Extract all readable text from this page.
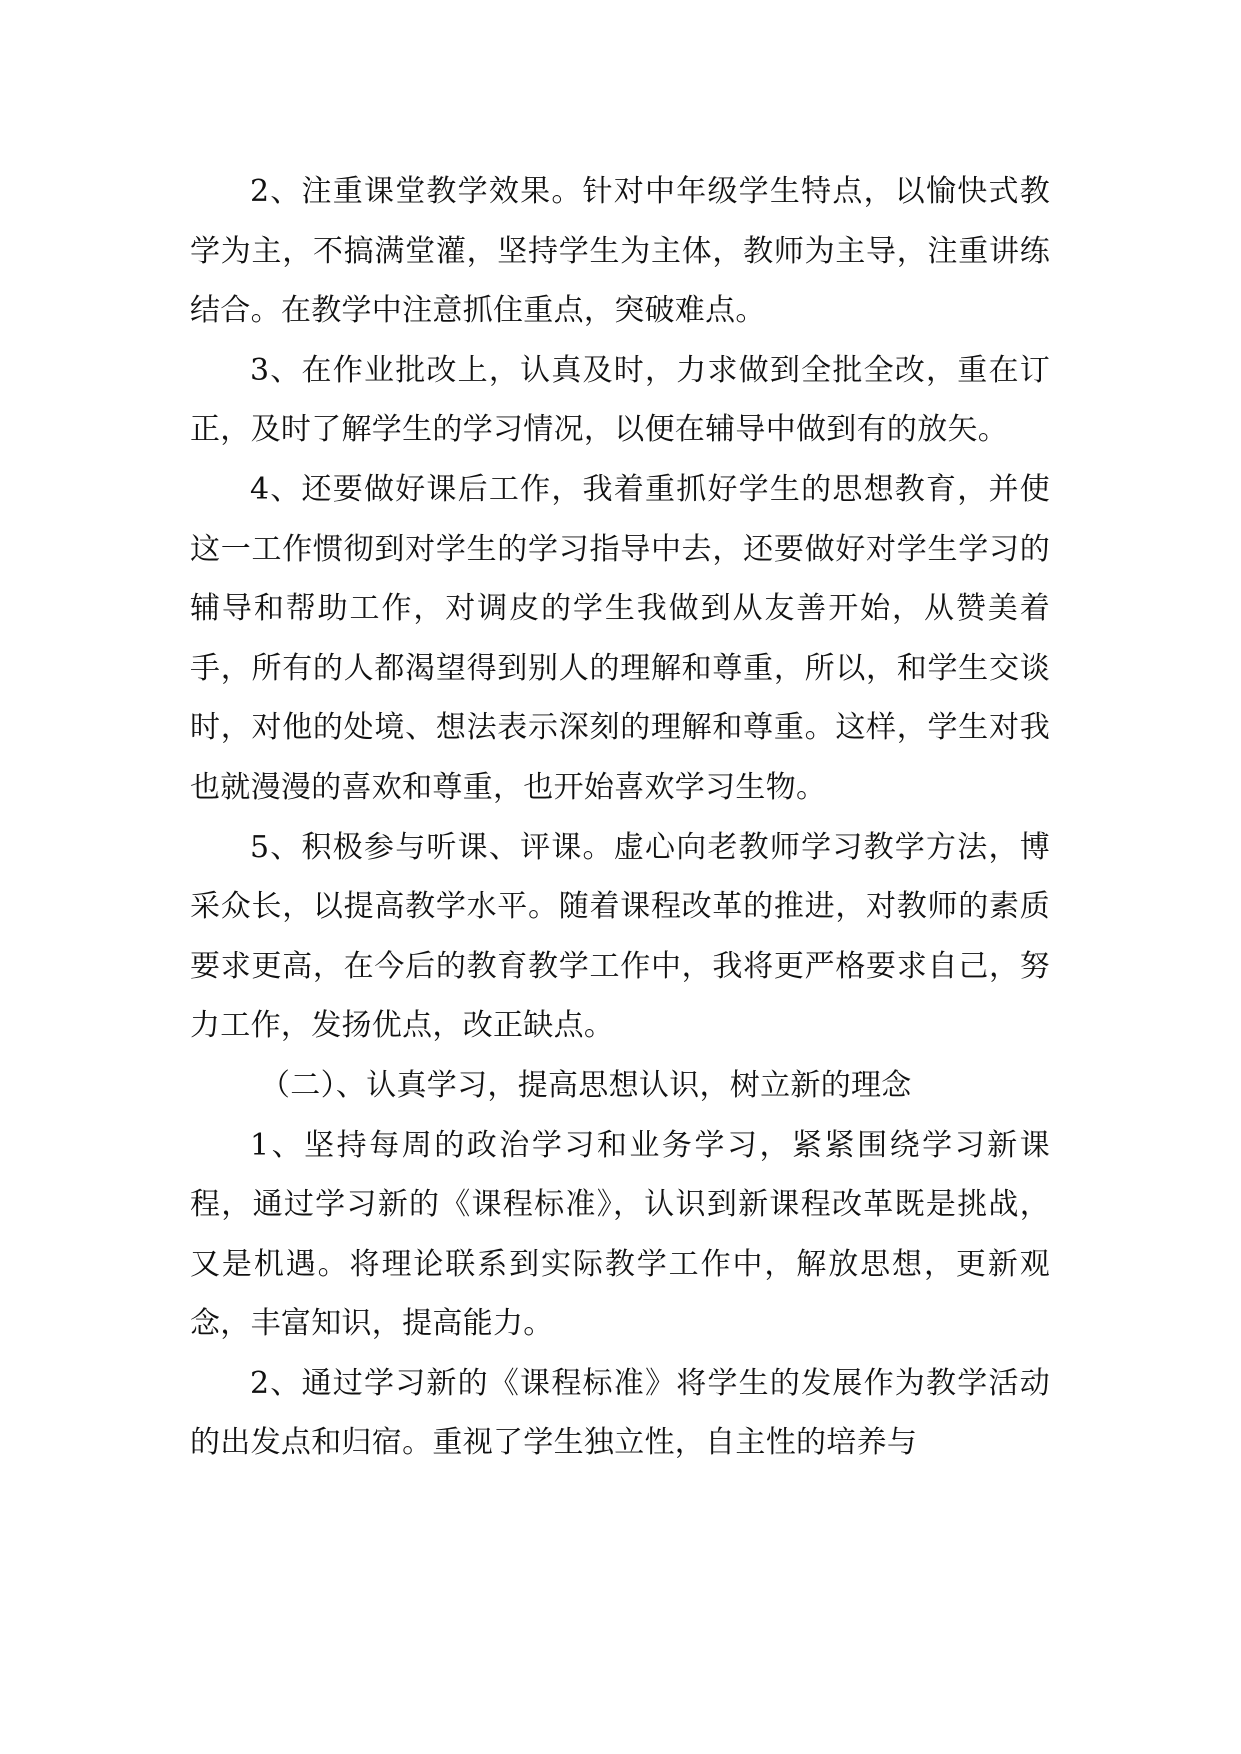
2、注重课堂教学效果。针对中年级学生特点，以愉快式教学为主，不搞满堂灌，坚持学生为主体，教师为主导，注重讲练结合。在教学中注意抓住重点，突破难点。

3、在作业批改上，认真及时，力求做到全批全改，重在订正，及时了解学生的学习情况，以便在辅导中做到有的放矢。

4、还要做好课后工作，我着重抓好学生的思想教育，并使这一工作惯彻到对学生的学习指导中去，还要做好对学生学习的辅导和帮助工作，对调皮的学生我做到从友善开始，从赞美着手，所有的人都渴望得到别人的理解和尊重，所以，和学生交谈时，对他的处境、想法表示深刻的理解和尊重。这样，学生对我也就漫漫的喜欢和尊重，也开始喜欢学习生物。

5、积极参与听课、评课。虚心向老教师学习教学方法，博采众长，以提高教学水平。随着课程改革的推进，对教师的素质要求更高，在今后的教育教学工作中，我将更严格要求自己，努力工作，发扬优点，改正缺点。

（二）、认真学习，提高思想认识，树立新的理念

1、坚持每周的政治学习和业务学习，紧紧围绕学习新课程，通过学习新的《课程标准》，认识到新课程改革既是挑战，又是机遇。将理论联系到实际教学工作中，解放思想，更新观念，丰富知识，提高能力。

2、通过学习新的《课程标准》将学生的发展作为教学活动的出发点和归宿。重视了学生独立性，自主性的培养与
